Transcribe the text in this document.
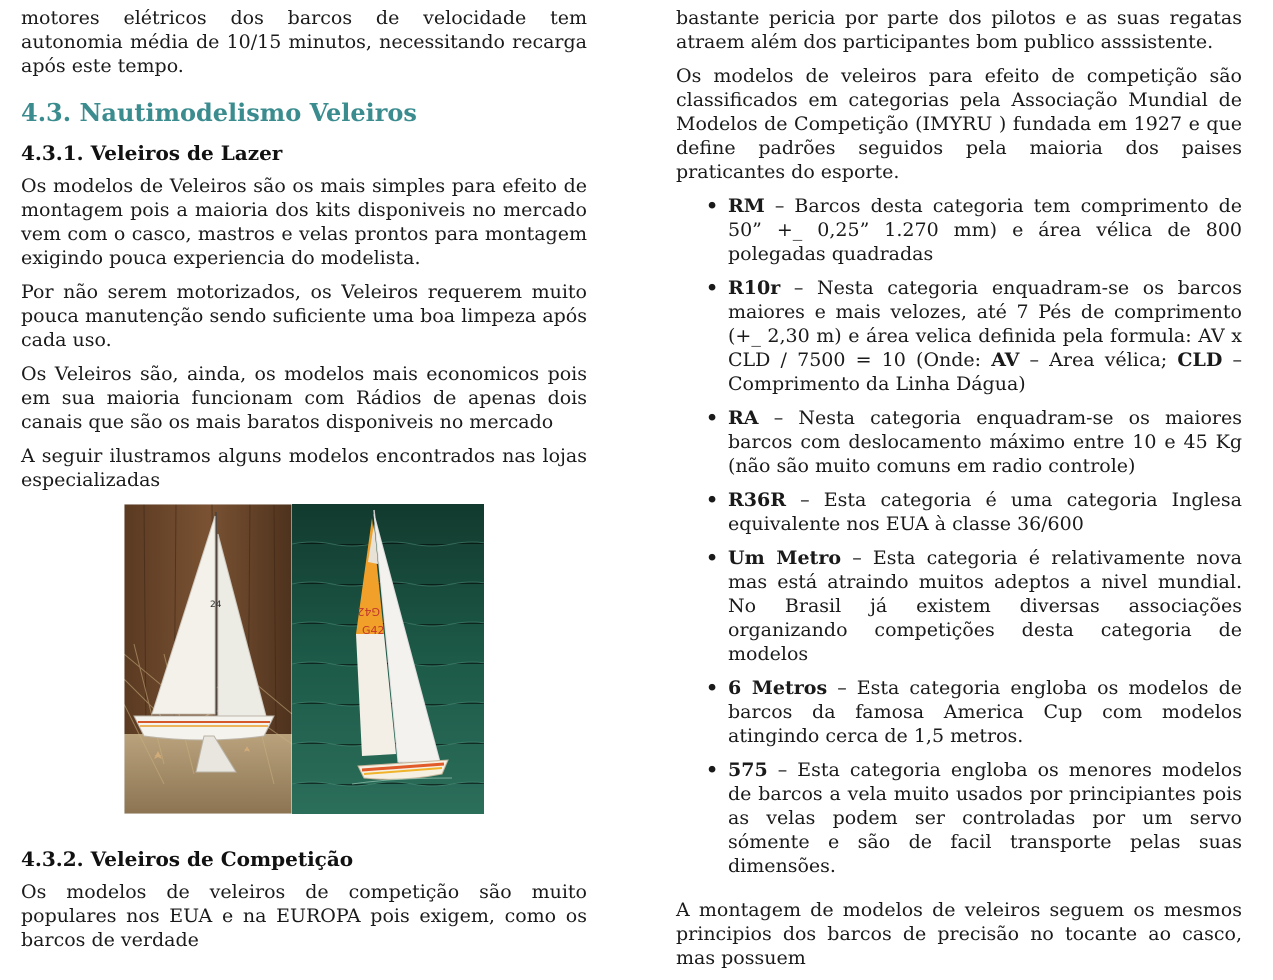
motores elétricos dos barcos de velocidade tem autonomia média de 10/15 minutos, necessitando recarga após este tempo.

4.3. Nautimodelismo Veleiros
4.3.1. Veleiros de Lazer

Os modelos de Veleiros são os mais simples para efeito de montagem pois a maioria dos kits disponiveis no mercado vem com o casco, mastros e velas prontos para montagem exigindo pouca experiencia do modelista.

Por não serem motorizados, os Veleiros requerem muito pouca manutenção sendo suficiente uma boa limpeza após cada uso.

Os Veleiros são, ainda, os modelos mais economicos pois em sua maioria funcionam com Rádios de apenas dois canais que são os mais baratos disponiveis no mercado

A seguir ilustramos alguns modelos encontrados nas lojas especializadas

24	G42
G42
4.3.2. Veleiros de Competição

Os modelos de veleiros de competição são muito populares nos EUA e na EUROPA pois exigem, como os barcos de verdade

bastante pericia por parte dos pilotos e as suas regatas atraem além dos participantes bom publico asssistente.

Os modelos de veleiros para efeito de competição são classificados em categorias pela Associação Mundial de Modelos de Competição (IMYRU ) fundada em 1927 e que define padrões seguidos pela maioria dos paises praticantes do esporte.

• RM – Barcos desta categoria tem comprimento de 50” +_ 0,25” 1.270 mm) e área vélica de 800 polegadas quadradas
• R10r – Nesta categoria enquadram-se os barcos maiores e mais velozes, até 7 Pés de comprimento (+_ 2,30 m) e área velica definida pela formula: AV x CLD / 7500 = 10 (Onde: AV – Area vélica; CLD – Comprimento da Linha Dágua)
• RA – Nesta categoria enquadram-se os maiores barcos com deslocamento máximo entre 10 e 45 Kg (não são muito comuns em radio controle)
• R36R – Esta categoria é uma categoria Inglesa equivalente nos EUA à classe 36/600
• Um Metro – Esta categoria é relativamente nova mas está atraindo muitos adeptos a nivel mundial. No Brasil já existem diversas associações organizando competições desta categoria de modelos
• 6 Metros – Esta categoria engloba os modelos de barcos da famosa America Cup com modelos atingindo cerca de 1,5 metros.
• 575 – Esta categoria engloba os menores modelos de barcos a vela muito usados por principiantes pois as velas podem ser controladas por um servo sómente e são de facil transporte pelas suas dimensões.

A montagem de modelos de veleiros seguem os mesmos principios dos barcos de precisão no tocante ao casco, mas possuem
